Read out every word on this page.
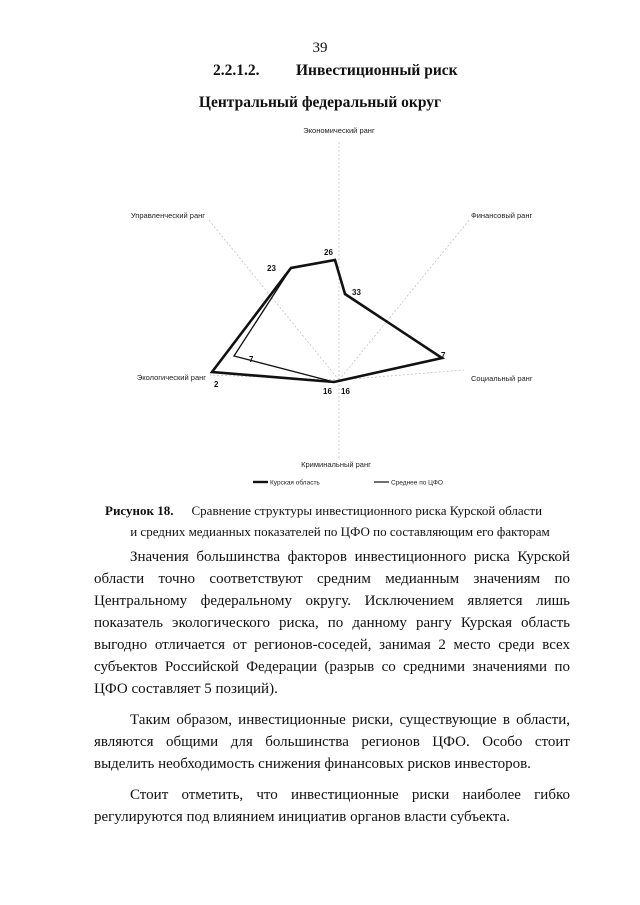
39
2.2.1.2. Инвестиционный риск
Центральный федеральный округ
Экономический ранг
Финансовый ранг
Социальный ранг
Криминальный ранг
Экологический ранг
Управленческий ранг
26
33
7
16 16
2
7
23
Курская область	Среднее по ЦФО
Рисунок 18. Сравнение структуры инвестиционного риска Курской области
и средних медианных показателей по ЦФО по составляющим его факторам

Значения большинства факторов инвестиционного риска Курской области точно соответствуют средним медианным значениям по Центральному федеральному округу. Исключением является лишь показатель экологического риска, по данному рангу Курская область выгодно отличается от регионов-соседей, занимая 2 место среди всех субъектов Российской Федерации (разрыв со средними значениями по ЦФО составляет 5 позиций).

Таким образом, инвестиционные риски, существующие в области, являются общими для большинства регионов ЦФО. Особо стоит выделить необходимость снижения финансовых рисков инвесторов.

Стоит отметить, что инвестиционные риски наиболее гибко регулируются под влиянием инициатив органов власти субъекта.
